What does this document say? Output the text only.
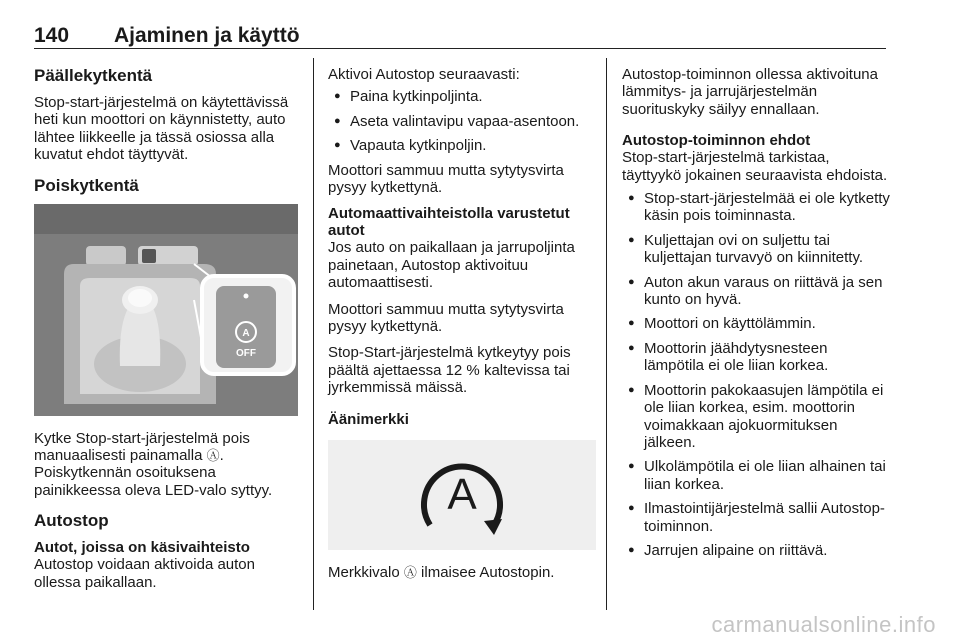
140 Ajaminen ja käyttö
Päällekytkentä

Stop-start-järjestelmä on käytettävissä heti kun moottori on käynnistetty, auto lähtee liikkeelle ja tässä osiossa alla kuvatut ehdot täyttyvät.

Poiskytkentä
A
OFF

Kytke Stop-start-järjestelmä pois manuaalisesti painamalla Ⓐ. Poiskytkennän osoituksena painikkeessa oleva LED-valo syttyy.

Autostop
Autot, joissa on käsivaihteisto

Autostop voidaan aktivoida auton ollessa paikallaan.

Aktivoi Autostop seuraavasti:

● Paina kytkinpoljinta.
● Aseta valintavipu vapaa-asentoon.
● Vapauta kytkinpoljin.

Moottori sammuu mutta sytytysvirta pysyy kytkettynä.

Automaattivaihteistolla varustetut autot

Jos auto on paikallaan ja jarrupoljinta painetaan, Autostop aktivoituu automaattisesti.

Moottori sammuu mutta sytytysvirta pysyy kytkettynä.

Stop-Start-järjestelmä kytkeytyy pois päältä ajettaessa 12 % kaltevissa tai jyrkemmissä mäissä.

Äänimerkki
A

Merkkivalo Ⓐ ilmaisee Autostopin.

Autostop-toiminnon ollessa aktivoituna lämmitys- ja jarrujärjestelmän suorituskyky säilyy ennallaan.

Autostop-toiminnon ehdot

Stop-start-järjestelmä tarkistaa, täyttyykö jokainen seuraavista ehdoista.

● Stop-start-järjestelmää ei ole kytketty käsin pois toiminnasta.
● Kuljettajan ovi on suljettu tai kuljettajan turvavyö on kiinnitetty.
● Auton akun varaus on riittävä ja sen kunto on hyvä.
● Moottori on käyttölämmin.
● Moottorin jäähdytysnesteen lämpötila ei ole liian korkea.
● Moottorin pakokaasujen lämpötila ei ole liian korkea, esim. moottorin voimakkaan ajokuormituksen jälkeen.
● Ulkolämpötila ei ole liian alhainen tai liian korkea.
● Ilmastointijärjestelmä sallii Autostop-toiminnon.
● Jarrujen alipaine on riittävä.
carmanualsonline.info
